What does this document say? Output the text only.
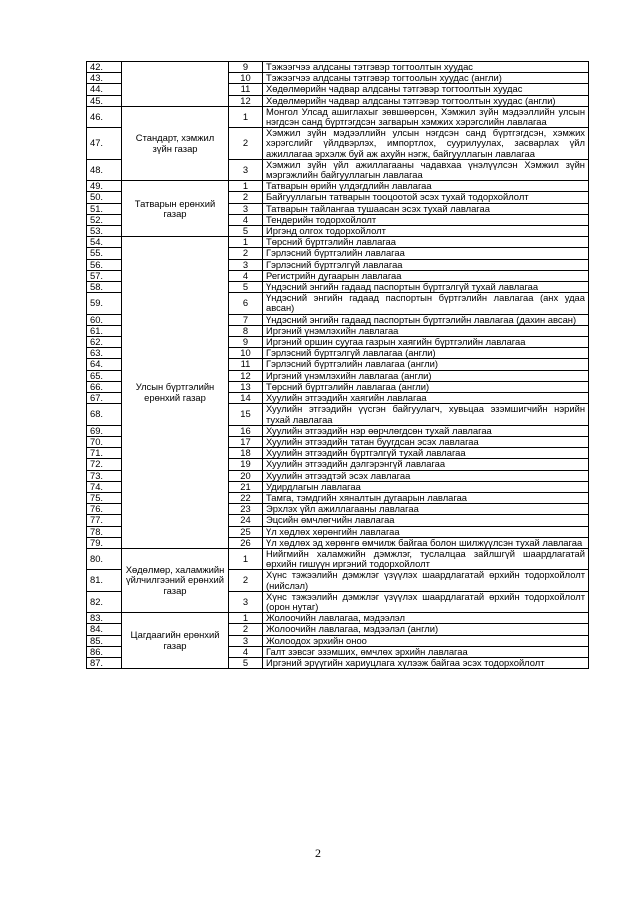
42.		9	Тэжээгчээ алдсаны тэтгэвэр тогтоолтын хуудас
43.		10	Тэжээгчээ алдсаны тэтгэвэр тогтоолын хуудас (англи)
44.		11	Хөдөлмөрийн чадвар алдсаны тэтгэвэр тогтоолтын хуудас
45.		12	Хөдөлмөрийн чадвар алдсаны тэтгэвэр тогтоолтын хуудас (англи)
46.	Стандарт, хэмжил зүйн газар	1	Монгол Улсад ашиглахыг зөвшөөрсөн, Хэмжил зүйн мэдээллийн улсын нэгдсэн санд бүртгэгдсэн загварын хэмжих хэрэгслийн лавлагаа
47.		2	Хэмжил зүйн мэдээллийн улсын нэгдсэн санд бүртгэгдсэн, хэмжих хэрэгслийг үйлдвэрлэх, импортлох, суурилуулах, засварлах үйл ажиллагаа эрхэлж буй аж ахуйн нэгж, байгууллагын лавлагаа
48.		3	Хэмжил зүйн үйл ажиллагааны чадавхаа үнэлүүлсэн Хэмжил зүйн мэргэжлийн байгууллагын лавлагаа
49.	Татварын ерөнхий газар	1	Татварын өрийн үлдэгдлийн лавлагаа
50.		2	Байгууллагын татварын тооцоотой эсэх тухай тодорхойлолт
51.		3	Татварын тайлангаа тушаасан эсэх тухай лавлагаа
52.		4	Тендерийн тодорхойлолт
53.		5	Иргэнд олгох тодорхойлолт
54.	Улсын бүртгэлийн ерөнхий газар	1	Төрсний бүртгэлийн лавлагаа
55.		2	Гэрлэсний бүртгэлийн лавлагаа
56.		3	Гэрлэсний бүртгэлгүй лавлагаа
57.		4	Регистрийн дугаарын лавлагаа
58.		5	Үндэсний энгийн гадаад паспортын бүртгэлгүй тухай лавлагаа
59.		6	Үндэсний энгийн гадаад паспортын бүртгэлийн лавлагаа (анх удаа авсан)
60.		7	Үндэсний энгийн гадаад паспортын бүртгэлийн лавлагаа (дахин авсан)
61.		8	Иргэний үнэмлэхийн лавлагаа
62.		9	Иргэний оршин суугаа газрын хаягийн бүртгэлийн лавлагаа
63.		10	Гэрлэсний бүртгэлгүй лавлагаа (англи)
64.		11	Гэрлэсний бүртгэлийн лавлагаа (англи)
65.		12	Иргэний үнэмлэхийн лавлагаа (англи)
66.		13	Төрсний бүртгэлийн лавлагаа (англи)
67.		14	Хуулийн этгээдийн хаягийн лавлагаа
68.		15	Хуулийн этгээдийн үүсгэн байгуулагч, хувьцаа эзэмшигчийн нэрийн тухай лавлагаа
69.		16	Хуулийн этгээдийн нэр өөрчлөгдсөн тухай лавлагаа
70.		17	Хуулийн этгээдийн татан буугдсан эсэх лавлагаа
71.		18	Хуулийн этгээдийн бүртгэлгүй тухай лавлагаа
72.		19	Хуулийн этгээдийн дэлгэрэнгүй лавлагаа
73.		20	Хуулийн этгээдтэй эсэх лавлагаа
74.		21	Удирдлагын лавлагаа
75.		22	Тамга, тэмдгийн хяналтын дугаарын лавлагаа
76.		23	Эрхлэх үйл ажиллагааны лавлагаа
77.		24	Эцсийн өмчлөгчийн лавлагаа
78.		25	Үл хөдлөх хөрөнгийн лавлагаа
79.		26	Үл хөдлөх эд хөрөнгө өмчилж байгаа болон шилжүүлсэн тухай лавлагаа
80.	Хөдөлмөр, халамжийн үйлчилгээний ерөнхий газар	1	Нийгмийн халамжийн дэмжлэг, туслалцаа зайлшгүй шаардлагатай өрхийн гишүүн иргэний тодорхойлолт
81.		2	Хүнс тэжээлийн дэмжлэг үзүүлэх шаардлагатай өрхийн тодорхойлолт (нийслэл)
82.		3	Хүнс тэжээлийн дэмжлэг үзүүлэх шаардлагатай өрхийн тодорхойлолт (орон нутаг)
83.	Цагдаагийн ерөнхий газар	1	Жолоочийн лавлагаа, мэдээлэл
84.		2	Жолоочийн лавлагаа, мэдээлэл (англи)
85.		3	Жолоодох эрхийн оноо
86.		4	Галт зэвсэг эзэмших, өмчлөх эрхийн лавлагаа
87.		5	Иргэний эрүүгийн хариуцлага хүлээж байгаа эсэх тодорхойлолт
2
